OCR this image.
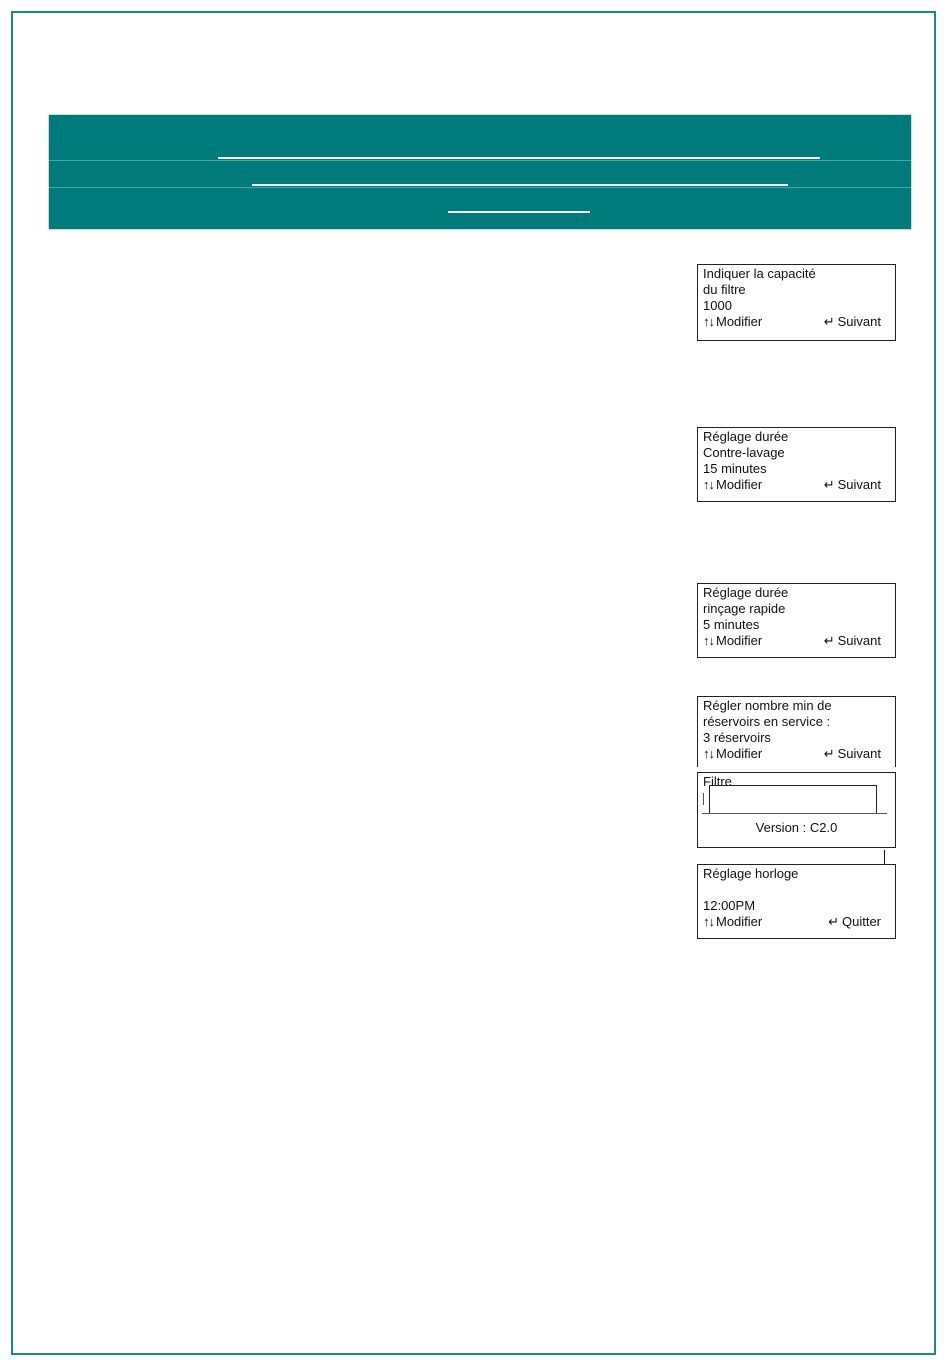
Indiquer la capacité
du filtre
1000
↑↓ Modifier	↵ Suivant
Réglage durée
Contre-lavage
15 minutes
↑↓ Modifier	↵ Suivant
Réglage durée
rinçage rapide
5 minutes
↑↓ Modifier	↵ Suivant
Régler nombre min de
réservoirs en service :
3 réservoirs
↑↓ Modifier	↵ Suivant
Filtre
Version : C2.0
Réglage horloge
12:00PM
↑↓ Modifier	↵ Quitter
